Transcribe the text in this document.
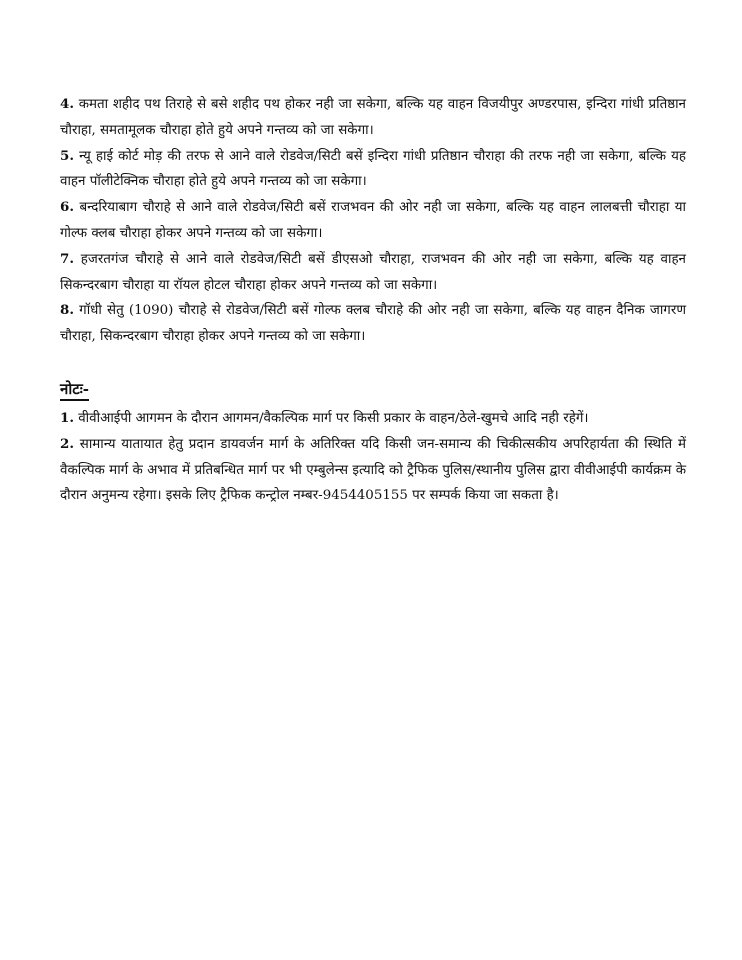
4. कमता शहीद पथ तिराहे से बसे शहीद पथ होकर नही जा सकेगा, बल्कि यह वाहन विजयीपुर अण्डरपास, इन्दिरा गांधी प्रतिष्ठान चौराहा, समतामूलक चौराहा होते हुये अपने गन्तव्य को जा सकेगा।

5. न्यू हाई कोर्ट मोड़ की तरफ से आने वाले रोडवेज/सिटी बसें इन्दिरा गांधी प्रतिष्ठान चौराहा की तरफ नही जा सकेगा, बल्कि यह वाहन पॉलीटेक्निक चौराहा होते हुये अपने गन्तव्य को जा सकेगा।

6. बन्दरियाबाग चौराहे से आने वाले रोडवेज/सिटी बसें राजभवन की ओर नही जा सकेगा, बल्कि यह वाहन लालबत्ती चौराहा या गोल्फ क्लब चौराहा होकर अपने गन्तव्य को जा सकेगा।

7. हजरतगंज चौराहे से आने वाले रोडवेज/सिटी बसें डीएसओ चौराहा, राजभवन की ओर नही जा सकेगा, बल्कि यह वाहन सिकन्दरबाग चौराहा या रॉयल होटल चौराहा होकर अपने गन्तव्य को जा सकेगा।

8. गॉधी सेतु (1090) चौराहे से रोडवेज/सिटी बसें गोल्फ क्लब चौराहे की ओर नही जा सकेगा, बल्कि यह वाहन दैनिक जागरण चौराहा, सिकन्दरबाग चौराहा होकर अपने गन्तव्य को जा सकेगा।

नोटः-

1. वीवीआईपी आगमन के दौरान आगमन/वैकल्पिक मार्ग पर किसी प्रकार के वाहन/ठेले-खुमचे आदि नही रहेगें।

2. सामान्य यातायात हेतु प्रदान डायवर्जन मार्ग के अतिरिक्त यदि किसी जन-समान्य की चिकीत्सकीय अपरिहार्यता की स्थिति में वैकल्पिक मार्ग के अभाव में प्रतिबन्धित मार्ग पर भी एम्बुलेन्स इत्यादि को ट्रैफिक पुलिस/स्थानीय पुलिस द्वारा वीवीआईपी कार्यक्रम के दौरान अनुमन्य रहेगा। इसके लिए ट्रैफिक कन्ट्रोल नम्बर-9454405155 पर सम्पर्क किया जा सकता है।
